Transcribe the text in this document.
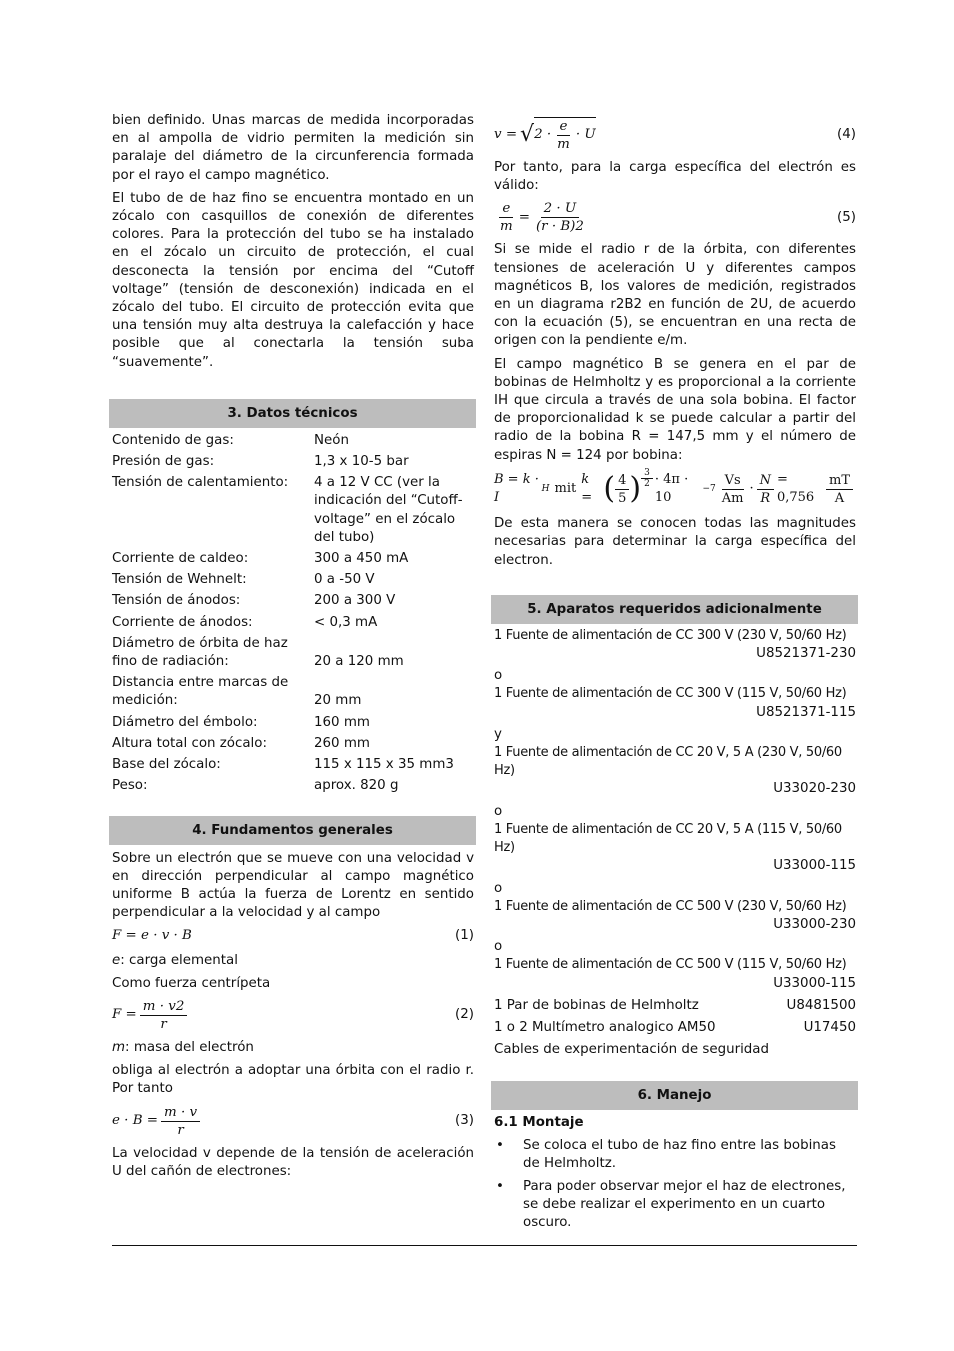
bien definido. Unas marcas de medida incorporadas en al ampolla de vidrio permiten la medición sin paralaje del diámetro de la circunferencia formada por el rayo el campo magnético.

El tubo de de haz fino se encuentra montado en un zócalo con casquillos de conexión de diferentes colores. Para la protección del tubo se ha instalado en el zócalo un circuito de protección, el cual desconecta la tensión por encima del “Cutoff voltage” (tensión de desconexión) indicada en el zócalo del tubo. El circuito de protección evita que una tensión muy alta destruya la calefacción y hace posible que al conectarla la tensión suba “suavemente”.

3. Datos técnicos
Contenido de gas:	Neón
Presión de gas:	1,3 x 10-5 bar
Tensión de calentamiento:	4 a 12 V CC (ver la indicación del “Cutoff-voltage” en el zócalo del tubo)
Corriente de caldeo:	300 a 450 mA
Tensión de Wehnelt:	0 a -50 V
Tensión de ánodos:	200 a 300 V
Corriente de ánodos:	< 0,3 mA
Diámetro de órbita de haz fino de radiación:	20 a 120 mm
Distancia entre marcas de medición:	20 mm
Diámetro del émbolo:	160 mm
Altura total con zócalo:	260 mm
Base del zócalo:	115 x 115 x 35 mm3
Peso:	aprox. 820 g
4. Fundamentos generales

Sobre un electrón que se mueve con una velocidad v en dirección perpendicular al campo magnético uniforme B actúa la fuerza de Lorentz en sentido perpendicular a la velocidad y al campo

F = e · v · B	(1)

e: carga elemental

Como fuerza centrípeta

$F = \frac{m \cdot v2}{r}$	(2)

m: masa del electrón

obliga al electrón a adoptar una órbita con el radio r. Por tanto

$e \cdot B = \frac{m \cdot v}{r}$	(3)

La velocidad v depende de la tensión de aceleración U del cañón de electrones:

v = √ $2 \cdot \frac{e}{m} \cdot U$	(4)

Por tanto, para la carga específica del electrón es válido:

$\frac{e}{m} = \frac{2 \cdot U}{(r \cdot B)2}$	(5)

Si se mide el radio r de la órbita, con diferentes tensiones de aceleración U y diferentes campos magnéticos B, los valores de medición, registrados en un diagrama r2B2 en función de 2U, de acuerdo con la ecuación (5), se encuentran en una recta de origen con la pendiente e/m.

El campo magnético B se genera en el par de bobinas de Helmholtz y es proporcional a la corriente IH que circula a través de una sola bobina. El factor de proporcionalidad k se puede calcular a partir del radio de la bobina R = 147,5 mm y el número de espiras N = 124 por bobina:

B = k · I
H mit
k = ( $\frac{4}{5}$ ) $\frac{3}{2} \cdot 4\pi \cdot 10$
$-7 \frac{Vs}{Am} \cdot \frac{N}{R} = 0,756 \frac{mT}{A}$

De esta manera se conocen todas las magnitudes necesarias para determinar la carga específica del electron.

5. Aparatos requeridos adicionalmente
1 Fuente de alimentación de CC 300 V (230 V, 50/60 Hz)
U8521371-230
o
1 Fuente de alimentación de CC 300 V (115 V, 50/60 Hz)
U8521371-115
y
1 Fuente de alimentación de CC 20 V, 5 A (230 V, 50/60 Hz)
U33020-230
o
1 Fuente de alimentación de CC 20 V, 5 A (115 V, 50/60 Hz)
U33000-115
o
1 Fuente de alimentación de CC 500 V (230 V, 50/60 Hz)
U33000-230
o
1 Fuente de alimentación de CC 500 V (115 V, 50/60 Hz)
U33000-115
1 Par de bobinas de Helmholtz	U8481500
1 o 2 Multímetro analogico AM50	U17450
Cables de experimentación de seguridad
6. Manejo
6.1 Montaje
•	Se coloca el tubo de haz fino entre las bobinas de Helmholtz.
•	Para poder observar mejor el haz de electrones, se debe realizar el experimento en un cuarto oscuro.
